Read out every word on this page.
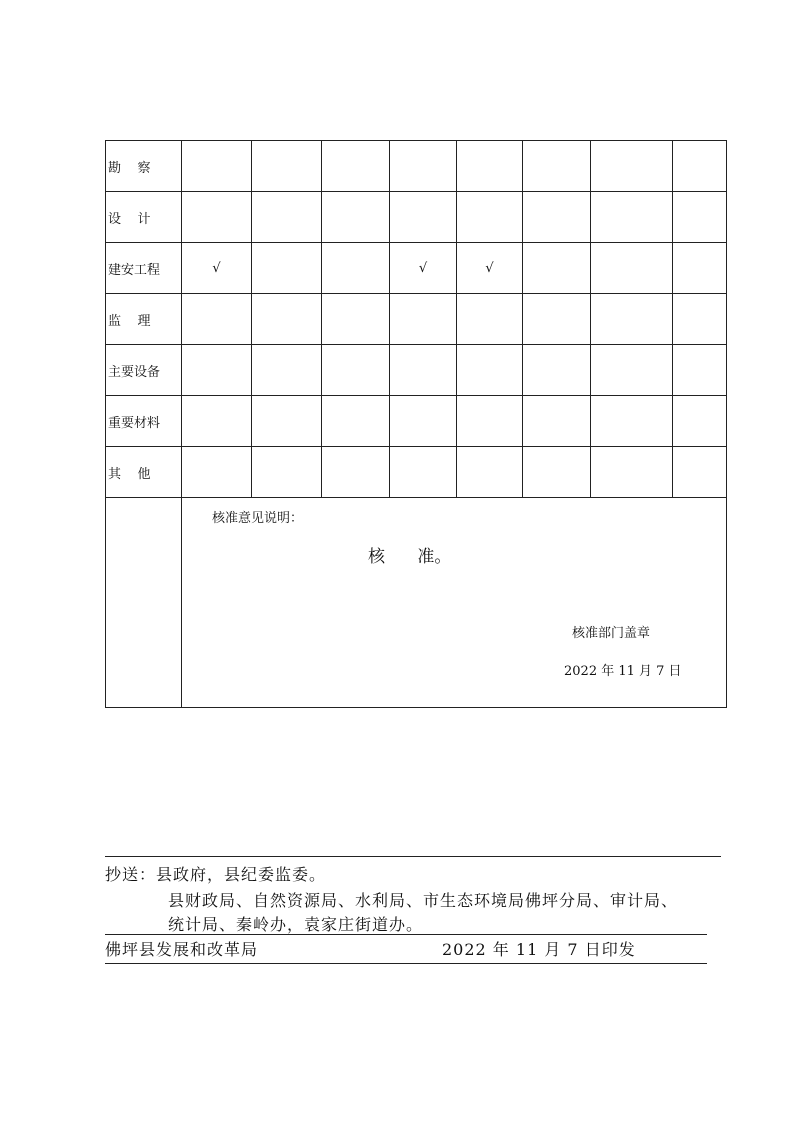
勘    察								
设    计								
建安工程	√			√	√			
监    理								
主要设备								
重要材料								
其    他								

	核准意见说明：
核      准。
核准部门盖章
2022 年 11 月 7 日							
抄送：县政府，县纪委监委。
县财政局、自然资源局、水利局、市生态环境局佛坪分局、审计局、
统计局、秦岭办，袁家庄街道办。
佛坪县发展和改革局	2022 年 11 月 7 日印发
